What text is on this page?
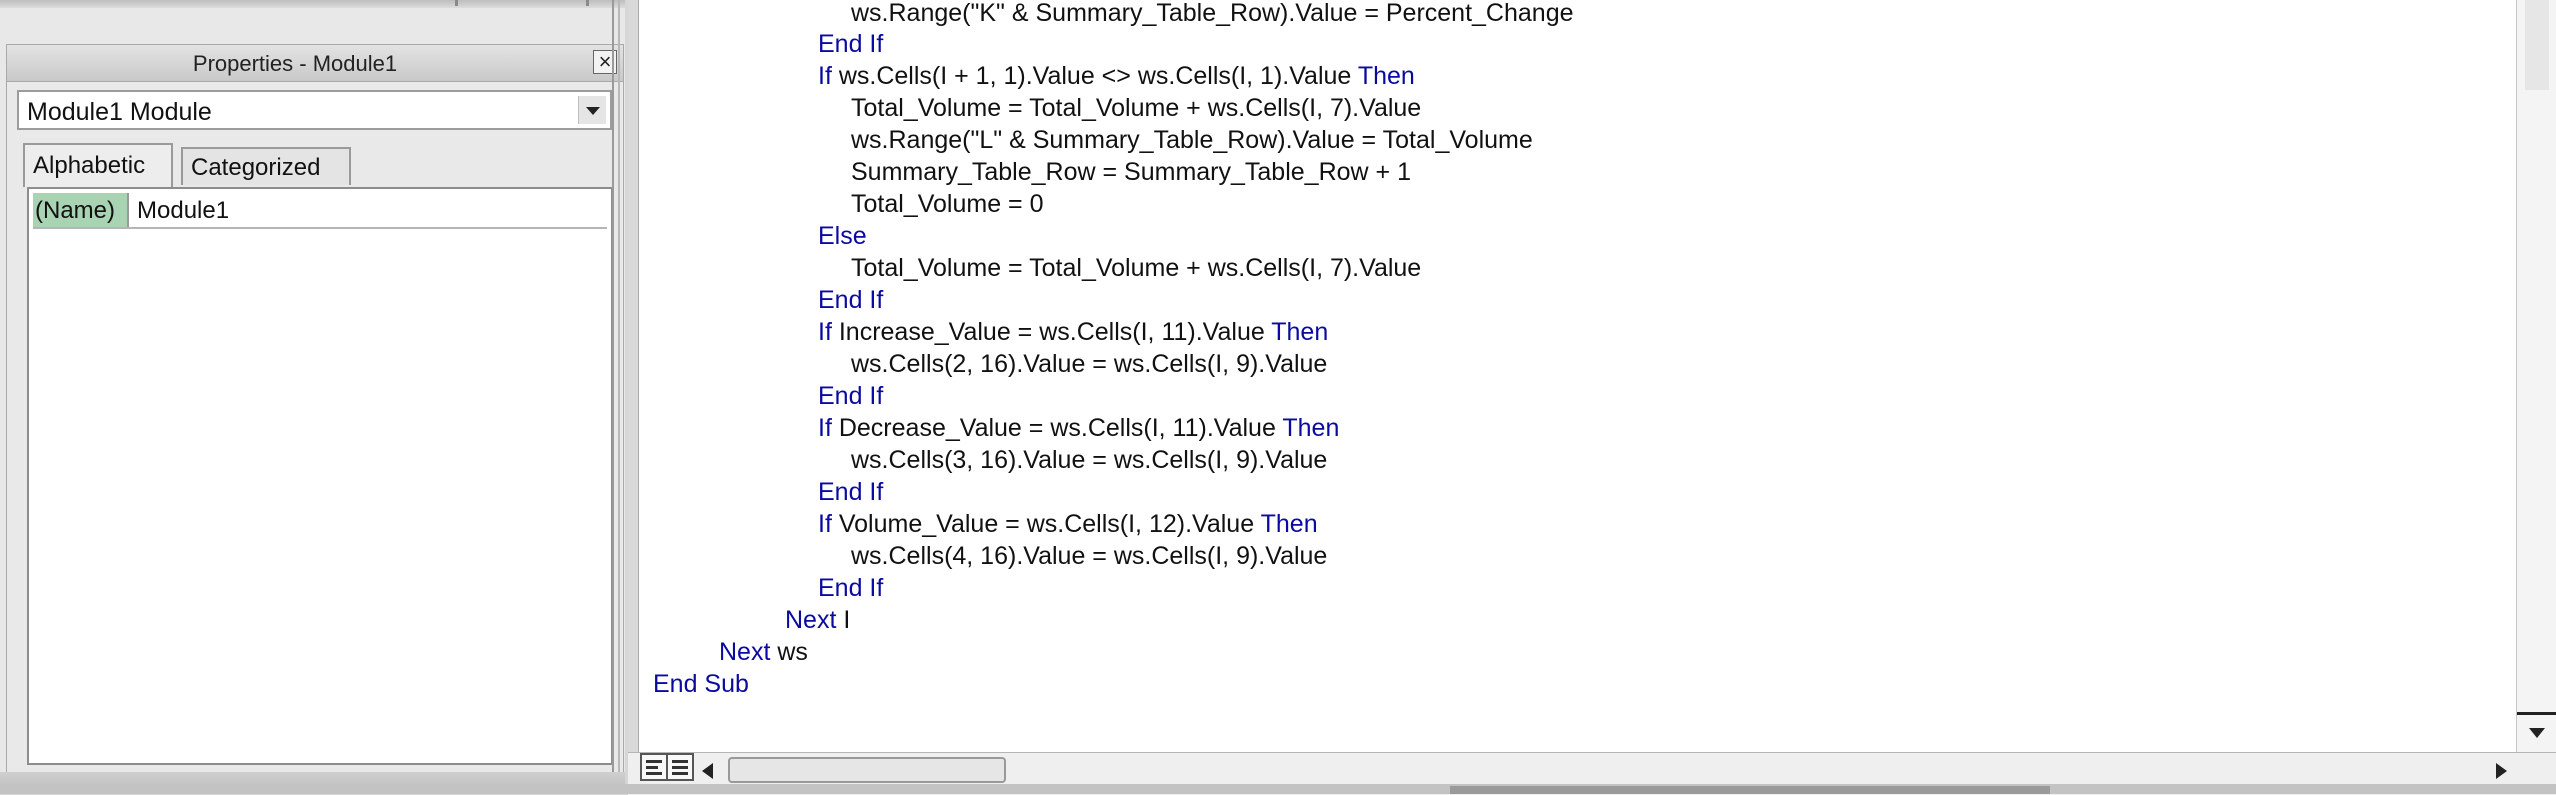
Properties - Module1	×
Module1 Module
Alphabetic	Categorized
(Name) Module1
ws.Range("K" & Summary_Table_Row).Value = Percent_Change
End If
If ws.Cells(I + 1, 1).Value <> ws.Cells(I, 1).Value Then
Total_Volume = Total_Volume + ws.Cells(I, 7).Value
ws.Range("L" & Summary_Table_Row).Value = Total_Volume
Summary_Table_Row = Summary_Table_Row + 1
Total_Volume = 0
Else
Total_Volume = Total_Volume + ws.Cells(I, 7).Value
End If
If Increase_Value = ws.Cells(I, 11).Value Then
ws.Cells(2, 16).Value = ws.Cells(I, 9).Value
End If
If Decrease_Value = ws.Cells(I, 11).Value Then
ws.Cells(3, 16).Value = ws.Cells(I, 9).Value
End If
If Volume_Value = ws.Cells(I, 12).Value Then
ws.Cells(4, 16).Value = ws.Cells(I, 9).Value
End If
Next I
Next ws
End Sub
